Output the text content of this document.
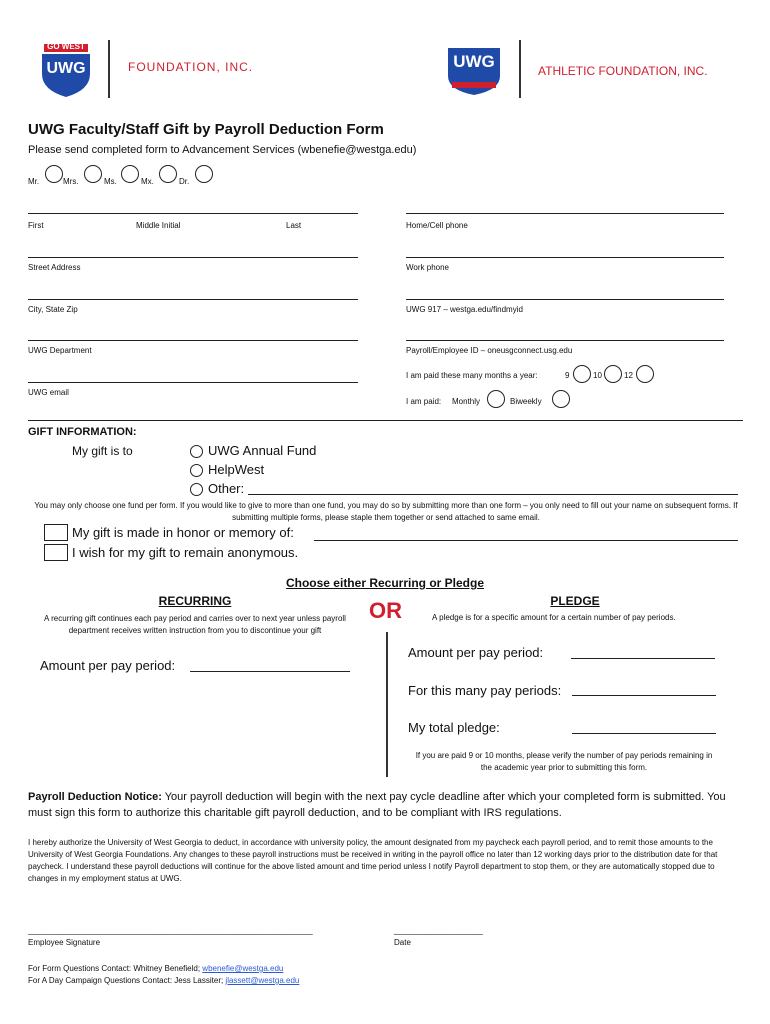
GO WEST
UWG	FOUNDATION, INC.	UWG	ATHLETIC FOUNDATION, INC.
UWG Faculty/Staff Gift by Payroll Deduction Form
Please send completed form to Advancement Services (wbenefie@westga.edu)
Mr.	Mrs.	Ms.	Mx.	Dr.
First	Middle Initial	Last
Street Address
City, State Zip
UWG Department
UWG email
Home/Cell phone
Work phone
UWG 917 – westga.edu/findmyid
Payroll/Employee ID – oneusgconnect.usg.edu
I am paid these many months a year:	9	10	12
I am paid: Monthly	Biweekly
GIFT INFORMATION:
My gift is to	UWG Annual Fund
HelpWest
Other:
You may only choose one fund per form. If you would like to give to more than one fund, you may do so by submitting more than one form – you only need to fill out your name on subsequent forms. If submitting multiple forms, please staple them together or send attached to same email.
My gift is made in honor or memory of:
I wish for my gift to remain anonymous.
Choose either Recurring or Pledge
RECURRING
A recurring gift continues each pay period and carries over to next year unless payroll department receives written instruction from you to discontinue your gift
OR	PLEDGE
A pledge is for a specific amount for a certain number of pay periods.
Amount per pay period:
Amount per pay period:
For this many pay periods:
My total pledge:
If you are paid 9 or 10 months, please verify the number of pay periods remaining in the academic year prior to submitting this form.
Payroll Deduction Notice: Your payroll deduction will begin with the next pay cycle deadline after which your completed form is submitted. You must sign this form to authorize this charitable gift payroll deduction, and to be compliant with IRS regulations.
I hereby authorize the University of West Georgia to deduct, in accordance with university policy, the amount designated from my paycheck each payroll period, and to remit those amounts to the University of West Georgia Foundations. Any changes to these payroll instructions must be received in writing in the payroll office no later than 12 working days prior to the distribution date for that paycheck. I understand these payroll deductions will continue for the above listed amount and time period unless I notify Payroll department to stop them, or they are automatically stopped due to changes in my employment status at UWG.
________________________________________________________________	____________________
Employee Signature	Date
For Form Questions Contact: Whitney Benefield; wbenefie@westga.edu
For A Day Campaign Questions Contact: Jess Lassiter; jlassett@westga.edu
